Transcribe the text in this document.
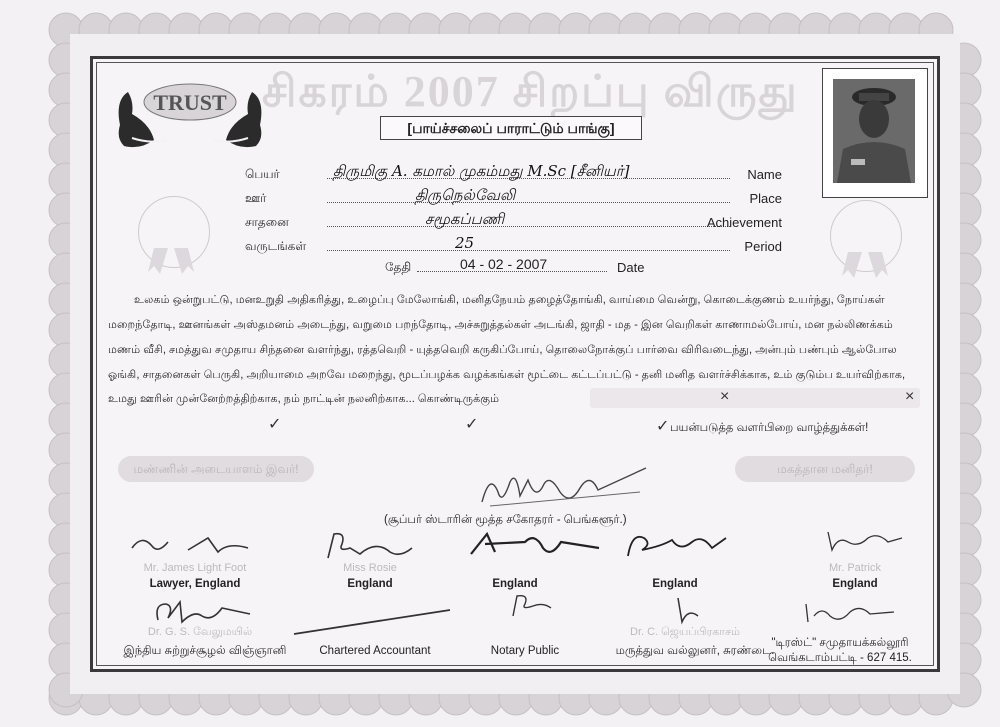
சிகரம் 2007 சிறப்பு விருது
TRUST
[பாய்ச்சலைப் பாராட்டும் பாங்கு]
பெயர்	திருமிகு A. கமால் முகம்மது M.Sc [சீனியர்]	Name
ஊர்	திருநெல்வேலி	Place
சாதனை	சமூகப்பணி	Achievement
வருடங்கள்	25	Period
தேதி	04 - 02 - 2007	Date
உலகம் ஒன்றுபட்டு, மனஉறுதி அதிகரித்து, உழைப்பு மேலோங்கி, மனிதநேயம் தழைத்தோங்கி, வாய்மை வென்று, கொடைக்குணம் உயர்ந்து, நோய்கள்
மறைந்தோடி, ஊனங்கள் அஸ்தமனம் அடைந்து, வறுமை பறந்தோடி, அச்சுறுத்தல்கள் அடங்கி, ஜாதி - மத - இன வெறிகள் காணாமல்போய், மன நல்லிணக்கம்
மணம் வீசி, சமத்துவ சமுதாய சிந்தனை வளர்ந்து, ரத்தவெறி - யுத்தவெறி கருகிப்போய், தொலைநோக்குப் பார்வை விரிவடைந்து, அன்பும் பண்பும் ஆல்போல
ஓங்கி, சாதனைகள் பெருகி, அறியாமை அறவே மறைந்து, மூடப்பழக்க வழக்கங்கள் மூட்டை கட்டப்பட்டு - தனி மனித வளர்ச்சிக்காக, உம் குடும்ப உயர்விற்காக,
உமது ஊரின் முன்னேற்றத்திற்காக, நம் நாட்டின் நலனிற்காக... கொண்டிருக்கும்	×	×
✓	✓	✓ பயன்படுத்த வளர்பிறை வாழ்த்துக்கள்!
மண்ணின் அடையாளம் இவர்!	மகத்தான மனிதர்!
(சூப்பர் ஸ்டாரின் மூத்த சகோதரர் - பெங்களூர்.)
Mr. James Light Foot
Lawyer, England
Miss Rosie
England	England	England
Mr. Patrick
England
Dr. G. S. வேலுமயில்
இந்திய சுற்றுச்சூழல் விஞ்ஞானி	Chartered Accountant	Notary Public
Dr. C. ஜெயப்பிரகாசம்
மருத்துவ வல்லுனர், சுரண்டை.
"டிரஸ்ட்" சமுதாயக்கல்லூரி
வெங்கடாம்பட்டி - 627 415.
